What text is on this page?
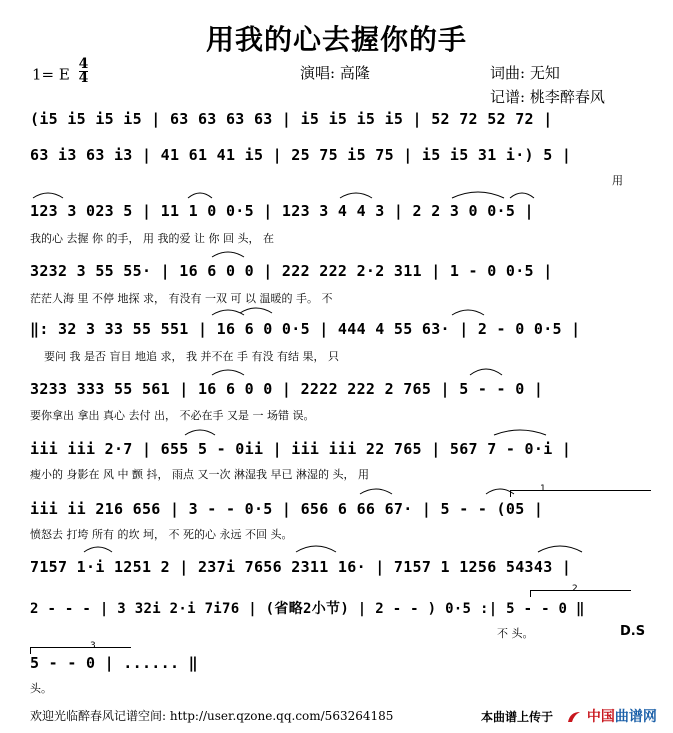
用我的心去握你的手
1= E $\frac{4}{4}$	演唱: 高隆	词曲: 无知
记谱: 桃李醉春风
(i5 i5 i5 i5 | 63 63 63 63 | i5 i5 i5 i5 | 52 72 52 72 |
63 i3 63 i3 | 41 61 41 i5 | 25 75 i5 75 | i5 i5 31 i·) 5 |
用
123 3 023 5 | 11 1 0 0·5 | 123 3 4 4 3 | 2 2 3 0 0·5 |
我的心 去握 你 的手， 用 我的爱 让 你 回 头， 在
3232 3 55 55· | 16 6 0 0 | 222 222 2·2 311 | 1 - 0 0·5 |
茫茫人海 里 不停 地探 求， 有没有 一双 可 以 温暖的 手。 不
‖: 32 3 33 55 551 | 16 6 0 0·5 | 444 4 55 63· | 2 - 0 0·5 |
要问 我 是否 盲目 地追 求， 我 并不在 手 有没 有结 果， 只
3233 333 55 561 | 16 6 0 0 | 2222 222 2 765 | 5 - - 0 |
要你拿出 拿出 真心 去付 出， 不必在手 又是 一 场错 误。
iii iii 2·7 | 655 5 - 0ii | iii iii 22 765 | 567 7 - 0·i |
瘦小的 身影在 风 中 颤 抖， 雨点 又一次 淋湿我 早已 淋湿的 头， 用
iii ii 216 656 | 3 - - 0·5 | 656 6 66 67· | 5 - - (05 |
愤怒去 打垮 所有 的坎 坷， 不 死的心 永远 不回 头。
7157 1·i 1251 2 | 237i 7656 2311 16· | 7157 1 1256 54343 |
2 - - - | 3 32i 2·i 7i76 | (省略2小节) | 2 - - ) 0·5 :| 5 - - 0 ‖
不 头。	D.S
5 - - 0 | ...... ‖
头。
1
2
3
欢迎光临醉春风记谱空间: http://user.qzone.qq.com/563264185	本曲谱上传于	中国曲谱网
